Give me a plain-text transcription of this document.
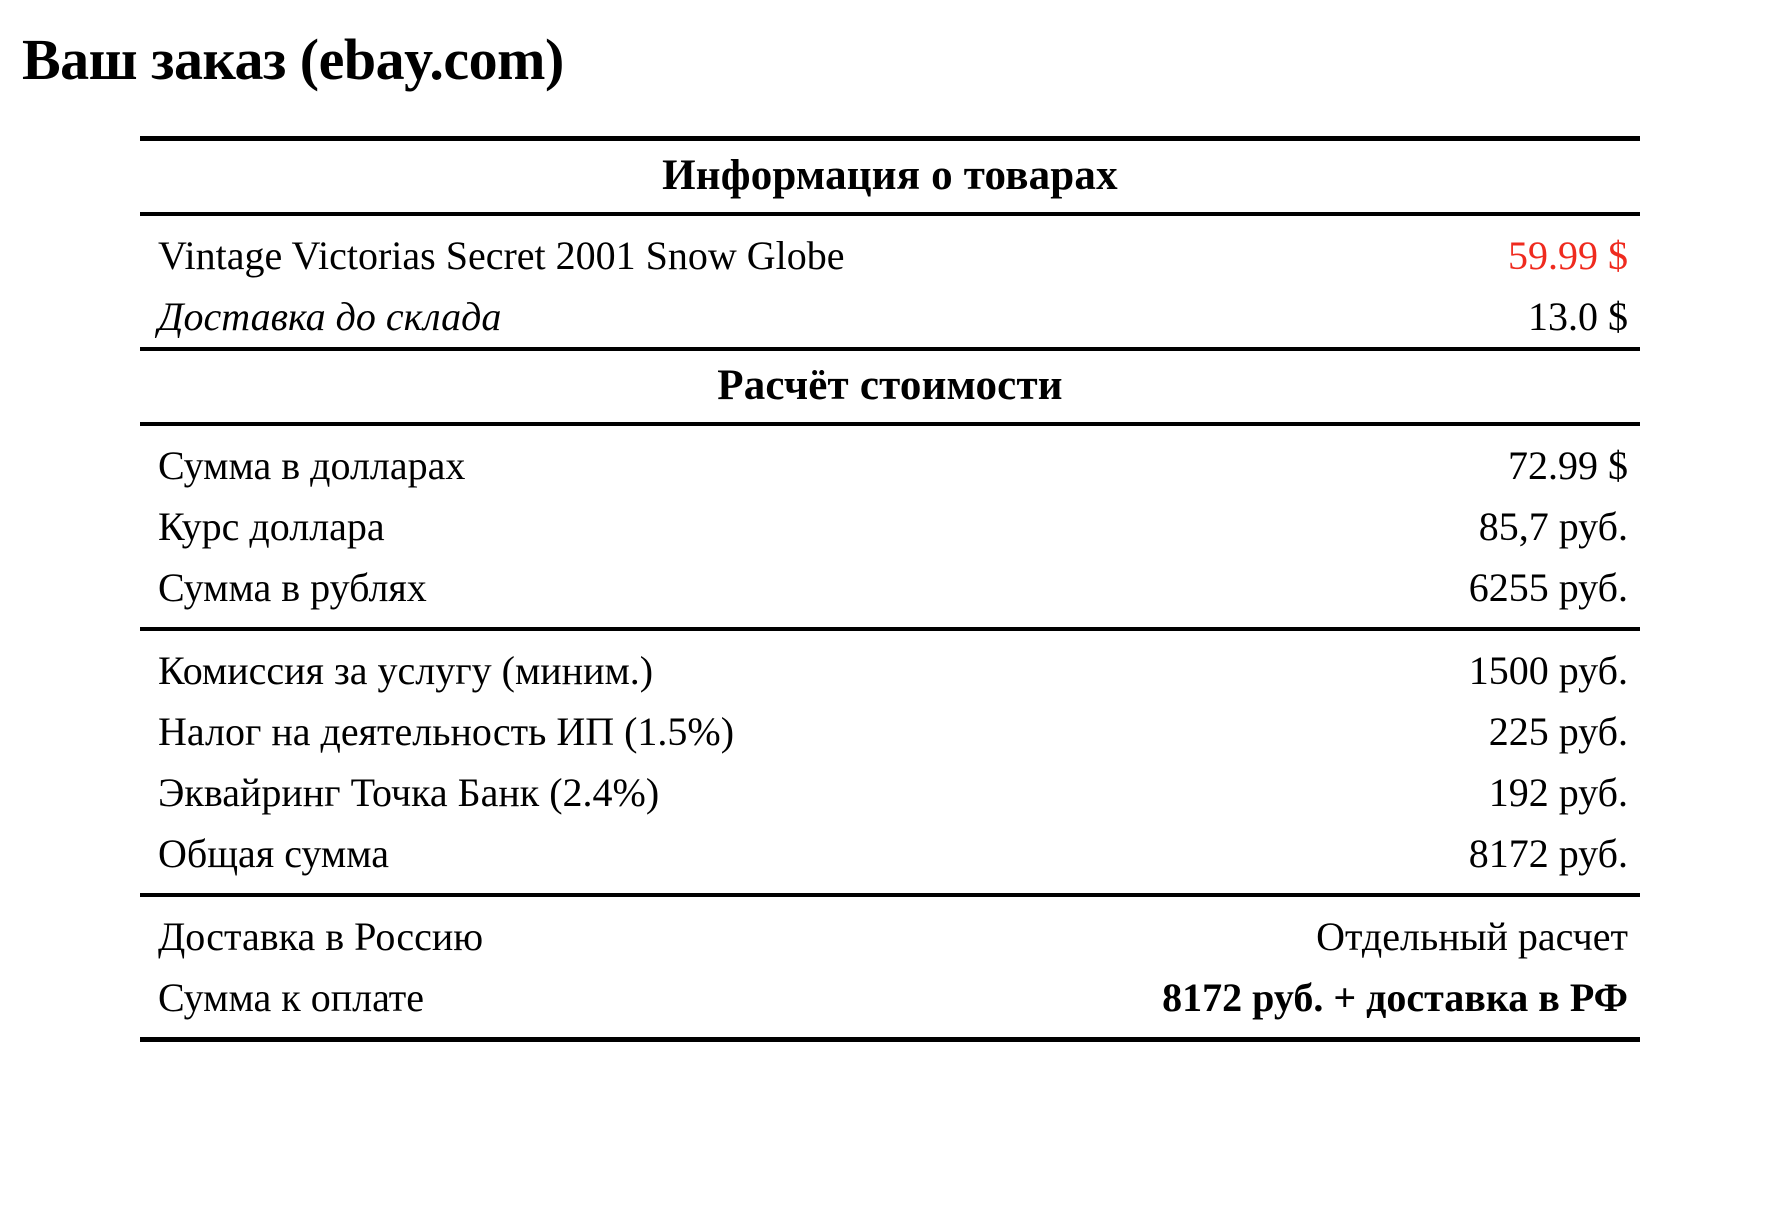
Ваш заказ (ebay.com)

Информация о товарах	

Vintage Victorias Secret 2001 Snow Globe	59.99 $
Доставка до склада	13.0 $

Расчёт стоимости	

Сумма в долларах	72.99 $
Курс доллара	85,7 руб.
Сумма в рублях	6255 руб.

Комиссия за услугу (миним.)	1500 руб.
Налог на деятельность ИП (1.5%)	225 руб.
Эквайринг Точка Банк (2.4%)	192 руб.
Общая сумма	8172 руб.

Доставка в Россию	Отдельный расчет
Сумма к оплате	8172 руб. + доставка в РФ
